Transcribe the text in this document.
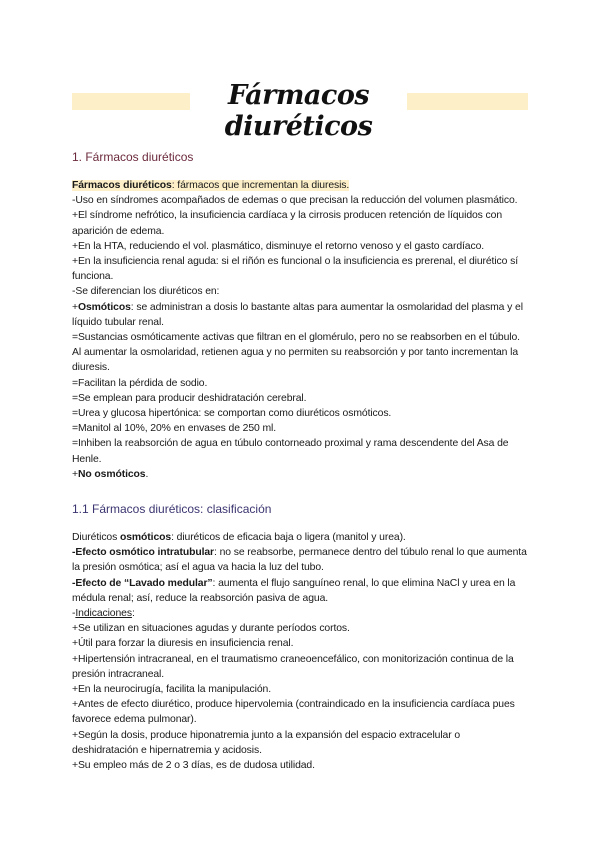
Fármacos diuréticos
1. Fármacos diuréticos

Fármacos diuréticos: fármacos que incrementan la diuresis.

-Uso en síndromes acompañados de edemas o que precisan la reducción del volumen plasmático.

+El síndrome nefrótico, la insuficiencia cardíaca y la cirrosis producen retención de líquidos con aparición de edema.

+En la HTA, reduciendo el vol. plasmático, disminuye el retorno venoso y el gasto cardíaco.

+En la insuficiencia renal aguda: si el riñón es funcional o la insuficiencia es prerenal, el diurético sí funciona.

-Se diferencian los diuréticos en:

+Osmóticos: se administran a dosis lo bastante altas para aumentar la osmolaridad del plasma y el líquido tubular renal.

=Sustancias osmóticamente activas que filtran en el glomérulo, pero no se reabsorben en el túbulo. Al aumentar la osmolaridad, retienen agua y no permiten su reabsorción y por tanto incrementan la diuresis.

=Facilitan la pérdida de sodio.

=Se emplean para producir deshidratación cerebral.

=Urea y glucosa hipertónica: se comportan como diuréticos osmóticos.

=Manitol al 10%, 20% en envases de 250 ml.

=Inhiben la reabsorción de agua en túbulo contorneado proximal y rama descendente del Asa de Henle.

+No osmóticos.

1.1 Fármacos diuréticos: clasificación

Diuréticos osmóticos: diuréticos de eficacia baja o ligera (manitol y urea).

-Efecto osmótico intratubular: no se reabsorbe, permanece dentro del túbulo renal lo que aumenta la presión osmótica; así el agua va hacia la luz del tubo.

-Efecto de “Lavado medular”: aumenta el flujo sanguíneo renal, lo que elimina NaCl y urea en la médula renal; así, reduce la reabsorción pasiva de agua.

-Indicaciones:

+Se utilizan en situaciones agudas y durante períodos cortos.

+Útil para forzar la diuresis en insuficiencia renal.

+Hipertensión intracraneal, en el traumatismo craneoencefálico, con monitorización continua de la presión intracraneal.

+En la neurocirugía, facilita la manipulación.

+Antes de efecto diurético, produce hipervolemia (contraindicado en la insuficiencia cardíaca pues favorece edema pulmonar).

+Según la dosis, produce hiponatremia junto a la expansión del espacio extracelular o deshidratación e hipernatremia y acidosis.

+Su empleo más de 2 o 3 días, es de dudosa utilidad.
